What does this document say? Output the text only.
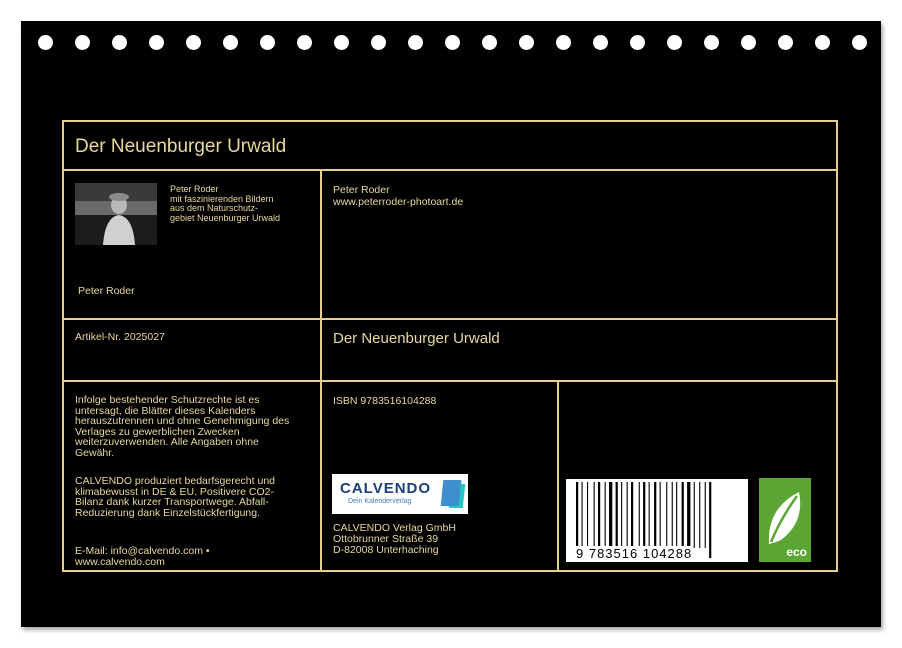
Der Neuenburger Urwald
Peter Roder
mit faszinierenden Bildern
aus dem Naturschutz-
gebiet Neuenburger Urwald
Peter Roder
Peter Roder
www.peterroder-photoart.de
Artikel-Nr. 2025027	Der Neuenburger Urwald
Infolge bestehender Schutzrechte ist es
untersagt, die Blätter dieses Kalenders
herauszutrennen und ohne Genehmigung des
Verlages zu gewerblichen Zwecken
weiterzuverwenden. Alle Angaben ohne
Gewähr.
CALVENDO produziert bedarfsgerecht und
klimabewusst in DE & EU. Positivere CO2-
Bilanz dank kurzer Transportwege. Abfall-
Reduzierung dank Einzelstückfertigung.
E-Mail: info@calvendo.com •
www.calvendo.com
ISBN 9783516104288
CALVENDO
Dein Kalenderverlag
CALVENDO Verlag GmbH
Ottobrunner Straße 39
D-82008 Unterhaching	9 783516 104288	eco
